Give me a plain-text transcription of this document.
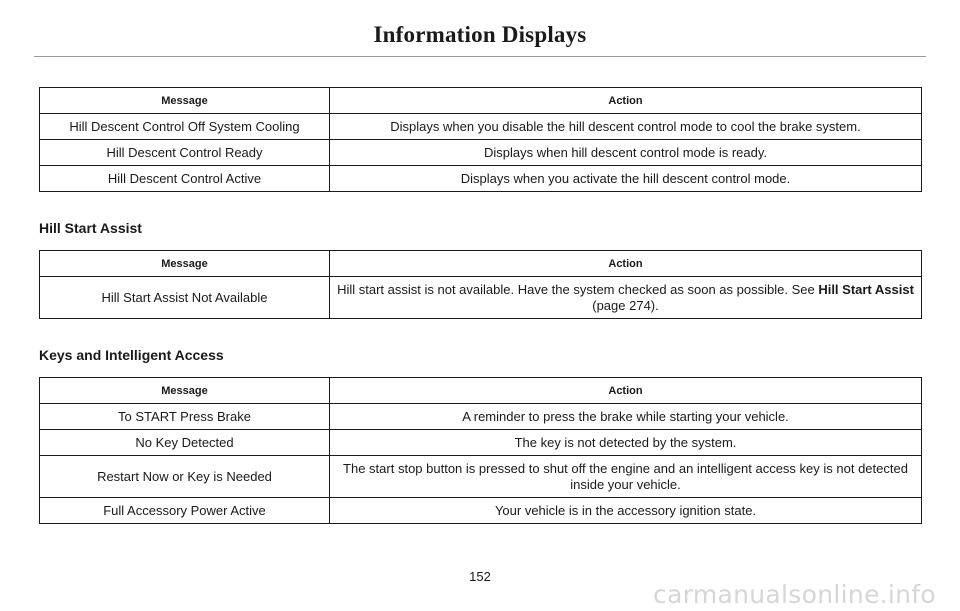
Information Displays
Message	Action
Hill Descent Control Off System Cooling	Displays when you disable the hill descent control mode to cool the brake system.
Hill Descent Control Ready	Displays when hill descent control mode is ready.
Hill Descent Control Active	Displays when you activate the hill descent control mode.
Hill Start Assist
Message	Action
Hill Start Assist Not Available	Hill start assist is not available. Have the system checked as soon as possible. See Hill Start Assist (page 274).
Keys and Intelligent Access
Message	Action
To START Press Brake	A reminder to press the brake while starting your vehicle.
No Key Detected	The key is not detected by the system.
Restart Now or Key is Needed	The start stop button is pressed to shut off the engine and an intelligent access key is not detected inside your vehicle.
Full Accessory Power Active	Your vehicle is in the accessory ignition state.
152
carmanualsonline.info
